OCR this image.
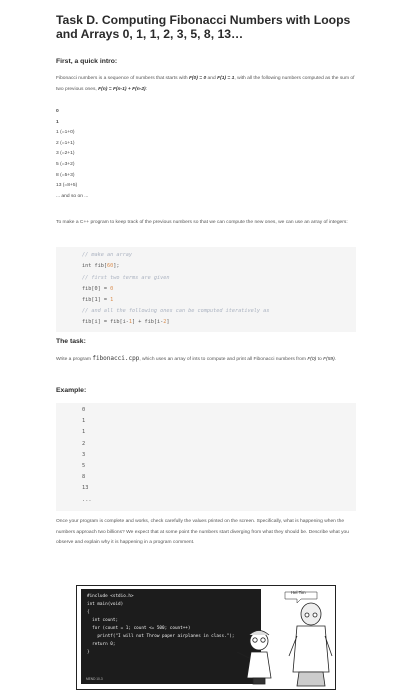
Task D. Computing Fibonacci Numbers with Loops and Arrays 0, 1, 1, 2, 3, 5, 8, 13…
First, a quick intro:
Fibonacci numbers is a sequence of numbers that starts with F(0) = 0 and F(1) = 1, with all the following numbers computed as the sum of two previous ones, F(n) = F(n-1) + F(n-2):
0
1
1 (=1+0)
2 (=1+1)
3 (=2+1)
5 (=3+2)
8 (=5+3)
13 (=8+5)
... and so on ...
To make a C++ program to keep track of the previous numbers so that we can compute the new ones, we can use an array of integers:
// make an array
int fib[60];
// first two terms are given
fib[0] = 0
fib[1] = 1
// and all the following ones can be computed iteratively as
fib[i] = fib[i-1] + fib[i-2]
The task:
Write a program fibonacci.cpp, which uses an array of ints to compute and print all Fibonacci numbers from F(0) to F(59).
Example:
0
1
1
2
3
5
8
13
...
Once your program is complete and works, check carefully the values printed on the screen. Specifically, what is happening when the numbers approach two billions? We expect that at some point the numbers start diverging from what they should be. Describe what you observe and explain why it is happening in a program comment.
#include <stdio.h>
int main(void)
{
int count;
for (count = 1; count <= 500; count++)
printf("I will not Throw paper airplanes in class.");
return 0;
}
MEND 10-3
Hel Tim
